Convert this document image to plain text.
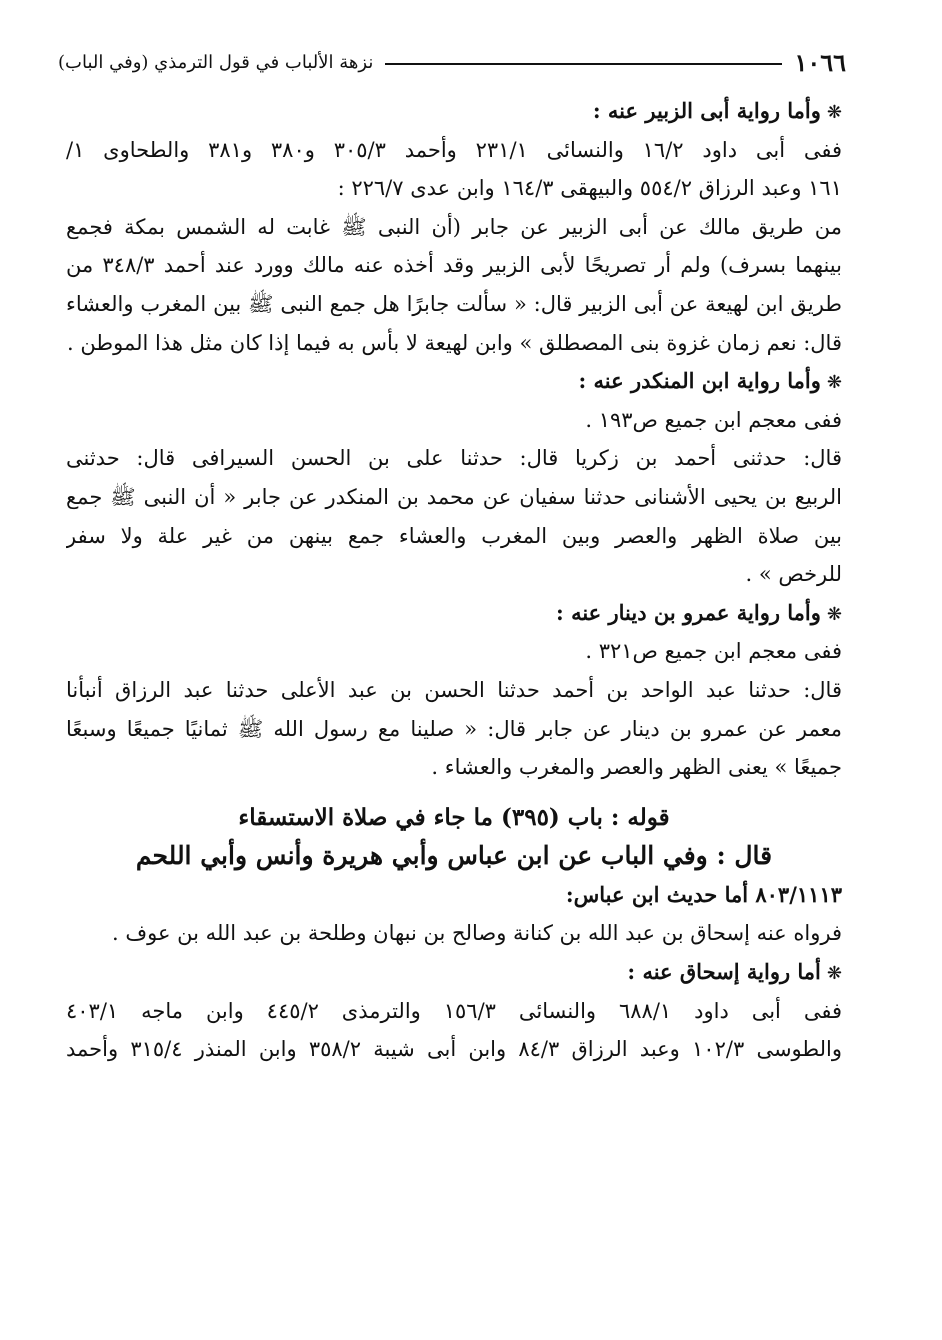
١٠٦٦
نزهة الألباب في قول الترمذي (وفي الباب)
❋وأما رواية أبى الزبير عنه :
ففى أبى داود ١٦/٢ والنسائى ٢٣١/١ وأحمد ٣٠٥/٣ و٣٨٠ و٣٨١ والطحاوى ١/
١٦١ وعبد الرزاق ٥٥٤/٢ والبيهقى ١٦٤/٣ وابن عدى ٢٢٦/٧ :
من طريق مالك عن أبى الزبير عن جابر (أن النبى ﷺ غابت له الشمس بمكة فجمع
بينهما بسرف) ولم أر تصريحًا لأبى الزبير وقد أخذه عنه مالك وورد عند أحمد ٣٤٨/٣ من
طريق ابن لهيعة عن أبى الزبير قال: « سألت جابرًا هل جمع النبى ﷺ بين المغرب والعشاء
قال: نعم زمان غزوة بنى المصطلق » وابن لهيعة لا بأس به فيما إذا كان مثل هذا الموطن .
❋وأما رواية ابن المنكدر عنه :
ففى معجم ابن جميع ص١٩٣ .
قال: حدثنى أحمد بن زكريا قال: حدثنا على بن الحسن السيرافى قال: حدثنى
الربيع بن يحيى الأشنانى حدثنا سفيان عن محمد بن المنكدر عن جابر « أن النبى ﷺ جمع
بين صلاة الظهر والعصر وبين المغرب والعشاء جمع بينهن من غير علة ولا سفر
للرخص » .
❋وأما رواية عمرو بن دينار عنه :
ففى معجم ابن جميع ص٣٢١ .
قال: حدثنا عبد الواحد بن أحمد حدثنا الحسن بن عبد الأعلى حدثنا عبد الرزاق أنبأنا
معمر عن عمرو بن دينار عن جابر قال: « صلينا مع رسول الله ﷺ ثمانيًا جميعًا وسبعًا
جميعًا » يعنى الظهر والعصر والمغرب والعشاء .
قوله : باب (٣٩٥) ما جاء في صلاة الاستسقاء
قال : وفي الباب عن ابن عباس وأبي هريرة وأنس وأبي اللحم
٨٠٣/١١١٣ أما حديث ابن عباس:
فرواه عنه إسحاق بن عبد الله بن كنانة وصالح بن نبهان وطلحة بن عبد الله بن عوف .
❋أما رواية إسحاق عنه :
ففى أبى داود ٦٨٨/١ والنسائى ١٥٦/٣ والترمذى ٤٤٥/٢ وابن ماجه ٤٠٣/١
والطوسى ١٠٢/٣ وعبد الرزاق ٨٤/٣ وابن أبى شيبة ٣٥٨/٢ وابن المنذر ٣١٥/٤ وأحمد
